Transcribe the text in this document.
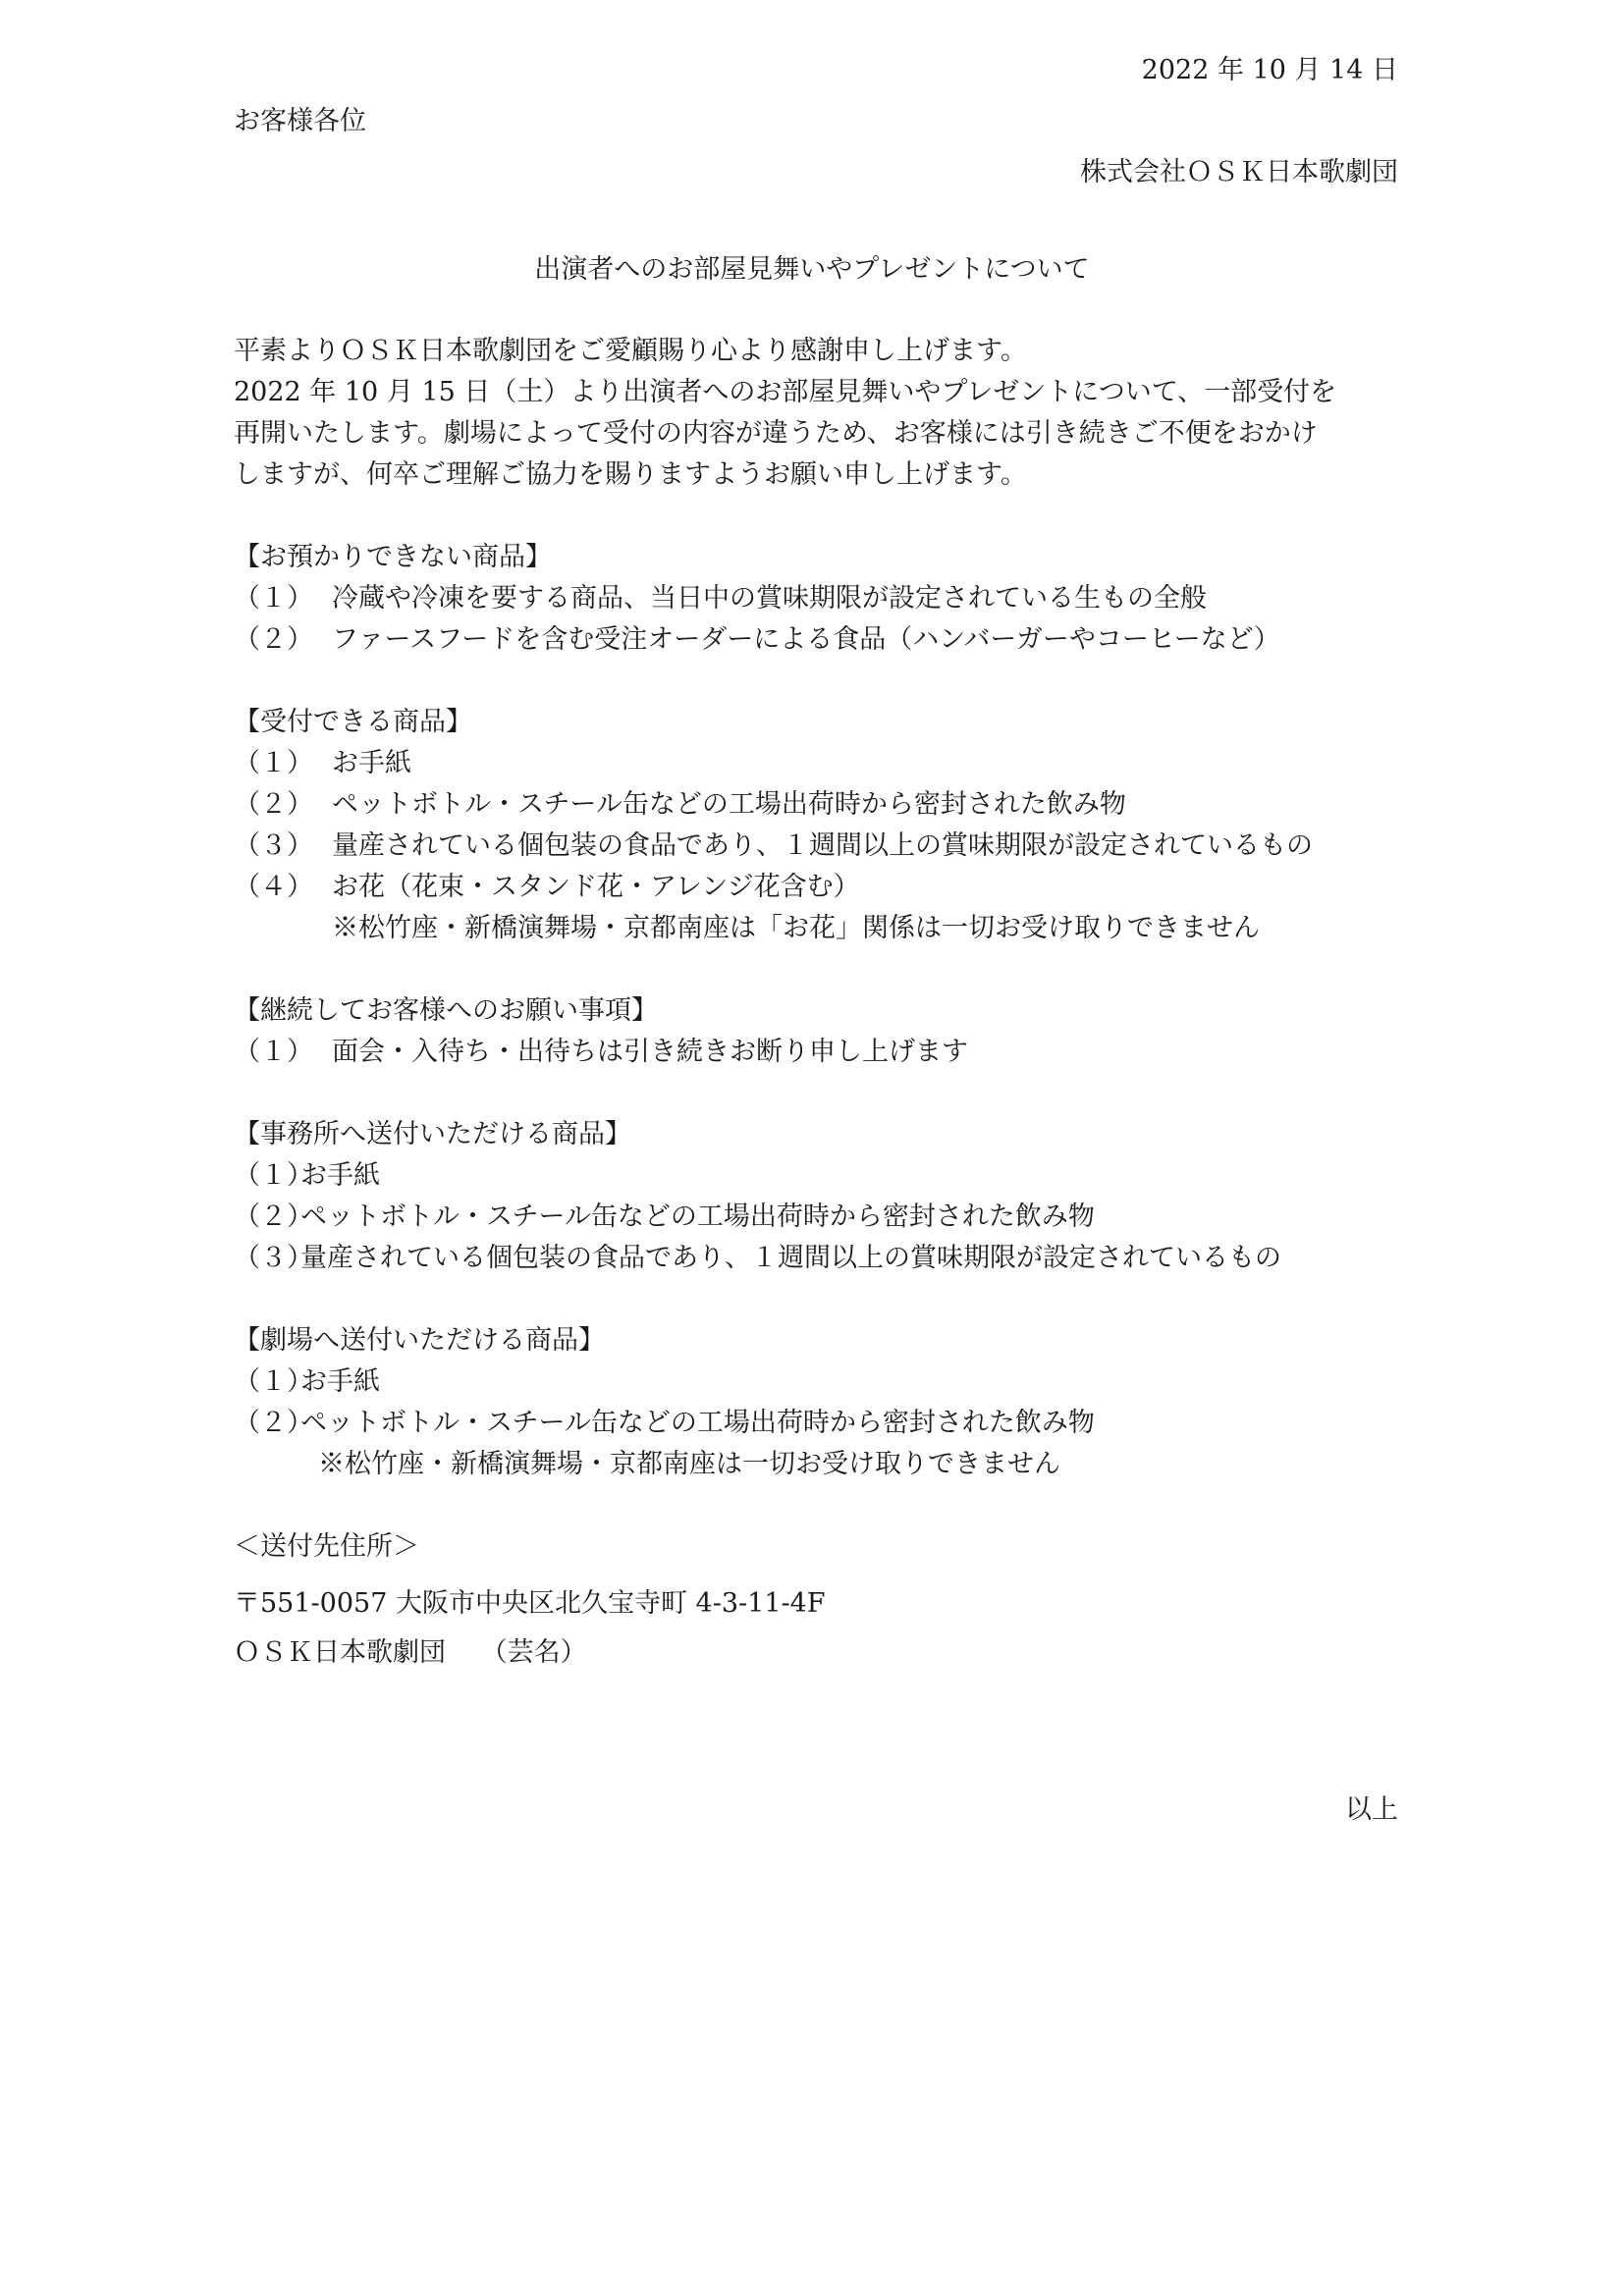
2022 年 10 月 14 日
お客様各位
株式会社ＯＳＫ日本歌劇団
出演者へのお部屋見舞いやプレゼントについて
平素よりＯＳＫ日本歌劇団をご愛顧賜り心より感謝申し上げます。
2022 年 10 月 15 日（土）より出演者へのお部屋見舞いやプレゼントについて、一部受付を
再開いたします。劇場によって受付の内容が違うため、お客様には引き続きご不便をおかけ
しますが、何卒ご理解ご協力を賜りますようお願い申し上げます。
【お預かりできない商品】
（１） 冷蔵や冷凍を要する商品、当日中の賞味期限が設定されている生もの全般
（２） ファースフードを含む受注オーダーによる食品（ハンバーガーやコーヒーなど）
【受付できる商品】
（１） お手紙
（２） ペットボトル・スチール缶などの工場出荷時から密封された飲み物
（３） 量産されている個包装の食品であり、１週間以上の賞味期限が設定されているもの
（４） お花（花束・スタンド花・アレンジ花含む）
※松竹座・新橋演舞場・京都南座は「お花」関係は一切お受け取りできません
【継続してお客様へのお願い事項】
（１） 面会・入待ち・出待ちは引き続きお断り申し上げます
【事務所へ送付いただける商品】
（１）
お手紙
（２）
ペットボトル・スチール缶などの工場出荷時から密封された飲み物
（３）
量産されている個包装の食品であり、１週間以上の賞味期限が設定されているもの
【劇場へ送付いただける商品】
（１）
お手紙
（２）
ペットボトル・スチール缶などの工場出荷時から密封された飲み物
※松竹座・新橋演舞場・京都南座は一切お受け取りできません
＜送付先住所＞
〒551-0057 大阪市中央区北久宝寺町 4-3-11-4F
ＯＳＫ日本歌劇団　 （芸名）
以上
